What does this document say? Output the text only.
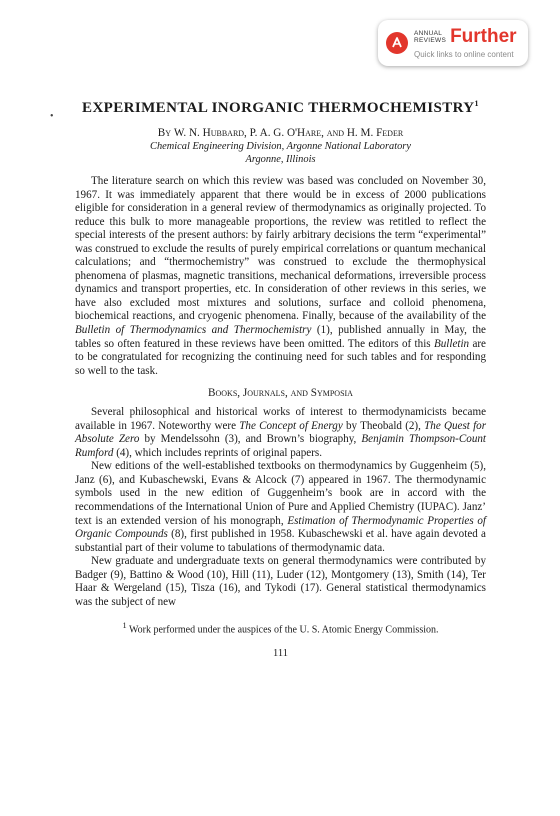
ANNUAL
REVIEWS Further
Quick links to online content
•
EXPERIMENTAL INORGANIC THERMOCHEMISTRY$^1$
By W. N. Hubbard, P. A. G. O'Hare, and H. M. Feder
Chemical Engineering Division, Argonne National Laboratory
Argonne, Illinois

The literature search on which this review was based was concluded on November 30, 1967. It was immediately apparent that there would be in excess of 2000 publications eligible for consideration in a general review of thermodynamics as originally projected. To reduce this bulk to more manageable proportions, the review was retitled to reflect the special interests of the present authors: by fairly arbitrary decisions the term “experimental” was construed to exclude the results of purely empirical correlations or quantum mechanical calculations; and “thermochemistry” was construed to exclude the thermophysical phenomena of plasmas, magnetic transitions, mechanical deformations, irreversible process dynamics and transport properties, etc. In consideration of other reviews in this series, we have also excluded most mixtures and solutions, surface and colloid phenomena, biochemical reactions, and cryogenic phenomena. Finally, because of the availability of the Bulletin of Thermodynamics and Thermochemistry (1), published annually in May, the tables so often featured in these reviews have been omitted. The editors of this Bulletin are to be congratulated for recognizing the continuing need for such tables and for responding so well to the task.

Books, Journals, and Symposia

Several philosophical and historical works of interest to thermodynamicists became available in 1967. Noteworthy were The Concept of Energy by Theobald (2), The Quest for Absolute Zero by Mendelssohn (3), and Brown’s biography, Benjamin Thompson-Count Rumford (4), which includes reprints of original papers.

New editions of the well-established textbooks on thermodynamics by Guggenheim (5), Janz (6), and Kubaschewski, Evans & Alcock (7) appeared in 1967. The thermodynamic symbols used in the new edition of Guggenheim’s book are in accord with the recommendations of the International Union of Pure and Applied Chemistry (IUPAC). Janz’ text is an extended version of his monograph, Estimation of Thermodynamic Properties of Organic Compounds (8), first published in 1958. Kubaschewski et al. have again devoted a substantial part of their volume to tabulations of thermodynamic data.

New graduate and undergraduate texts on general thermodynamics were contributed by Badger (9), Battino & Wood (10), Hill (11), Luder (12), Montgomery (13), Smith (14), Ter Haar & Wergeland (15), Tisza (16), and Tykodi (17). General statistical thermodynamics was the subject of new

$^1$ Work performed under the auspices of the U. S. Atomic Energy Commission.
111
